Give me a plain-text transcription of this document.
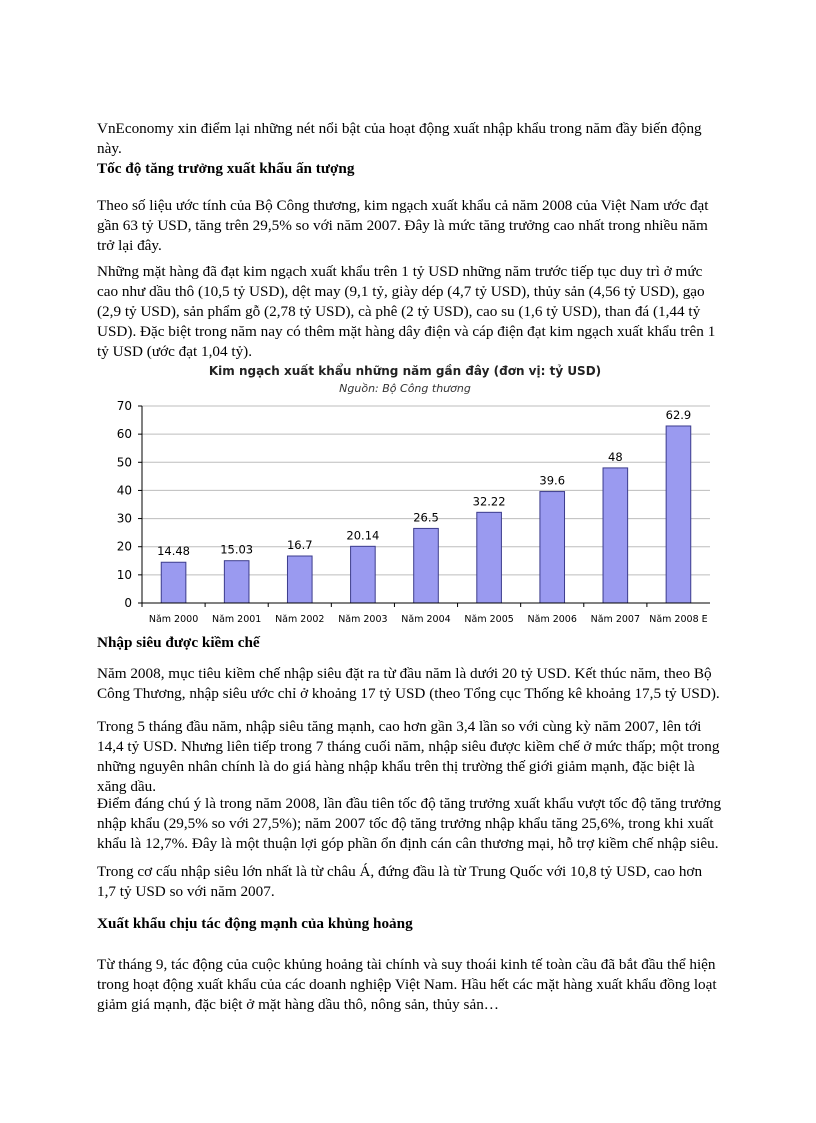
VnEconomy xin điểm lại những nét nổi bật của hoạt động xuất nhập khẩu trong năm đầy biến động này.

Tốc độ tăng trưởng xuất khẩu ấn tượng

Theo số liệu ước tính của Bộ Công thương, kim ngạch xuất khẩu cả năm 2008 của Việt Nam ước đạt gần 63 tỷ USD, tăng trên 29,5% so với năm 2007. Đây là mức tăng trưởng cao nhất trong nhiều năm trở lại đây.

Những mặt hàng đã đạt kim ngạch xuất khẩu trên 1 tỷ USD những năm trước tiếp tục duy trì ở mức cao như dầu thô (10,5 tỷ USD), dệt may (9,1 tỷ, giày dép (4,7 tỷ USD), thủy sản (4,56 tỷ USD), gạo (2,9 tỷ USD), sản phẩm gỗ (2,78 tỷ USD), cà phê (2 tỷ USD), cao su (1,6 tỷ USD), than đá (1,44 tỷ USD). Đặc biệt trong năm nay có thêm mặt hàng dây điện và cáp điện đạt kim ngạch xuất khẩu trên 1 tỷ USD (ước đạt 1,04 tỷ).

Kim ngạch xuất khẩu những năm gần đây (đơn vị: tỷ USD)
Nguồn: Bộ Công thương
0
10
20
30
40
50
60
70
14.48
Năm 2000
15.03
Năm 2001
16.7
Năm 2002
20.14
Năm 2003
26.5
Năm 2004
32.22
Năm 2005
39.6
Năm 2006
48
Năm 2007
62.9
Năm 2008 E

Nhập siêu được kiềm chế

Năm 2008, mục tiêu kiềm chế nhập siêu đặt ra từ đầu năm là dưới 20 tỷ USD. Kết thúc năm, theo Bộ Công Thương, nhập siêu ước chỉ ở khoảng 17 tỷ USD (theo Tổng cục Thống kê khoảng 17,5 tỷ USD).

Trong 5 tháng đầu năm, nhập siêu tăng mạnh, cao hơn gần 3,4 lần so với cùng kỳ năm 2007, lên tới 14,4 tỷ USD. Nhưng liên tiếp trong 7 tháng cuối năm, nhập siêu được kiềm chế ở mức thấp; một trong những nguyên nhân chính là do giá hàng nhập khẩu trên thị trường thế giới giảm mạnh, đặc biệt là xăng dầu.

Điểm đáng chú ý là trong năm 2008, lần đầu tiên tốc độ tăng trưởng xuất khẩu vượt tốc độ tăng trưởng nhập khẩu (29,5% so với 27,5%); năm 2007 tốc độ tăng trưởng nhập khẩu tăng 25,6%, trong khi xuất khẩu là 12,7%. Đây là một thuận lợi góp phần ổn định cán cân thương mại, hỗ trợ kiềm chế nhập siêu.

Trong cơ cấu nhập siêu lớn nhất là từ châu Á, đứng đầu là từ Trung Quốc với 10,8 tỷ USD, cao hơn 1,7 tỷ USD so với năm 2007.

Xuất khẩu chịu tác động mạnh của khủng hoảng

Từ tháng 9, tác động của cuộc khủng hoảng tài chính và suy thoái kinh tế toàn cầu đã bắt đầu thể hiện trong hoạt động xuất khẩu của các doanh nghiệp Việt Nam. Hầu hết các mặt hàng xuất khẩu đồng loạt giảm giá mạnh, đặc biệt ở mặt hàng dầu thô, nông sản, thủy sản…
